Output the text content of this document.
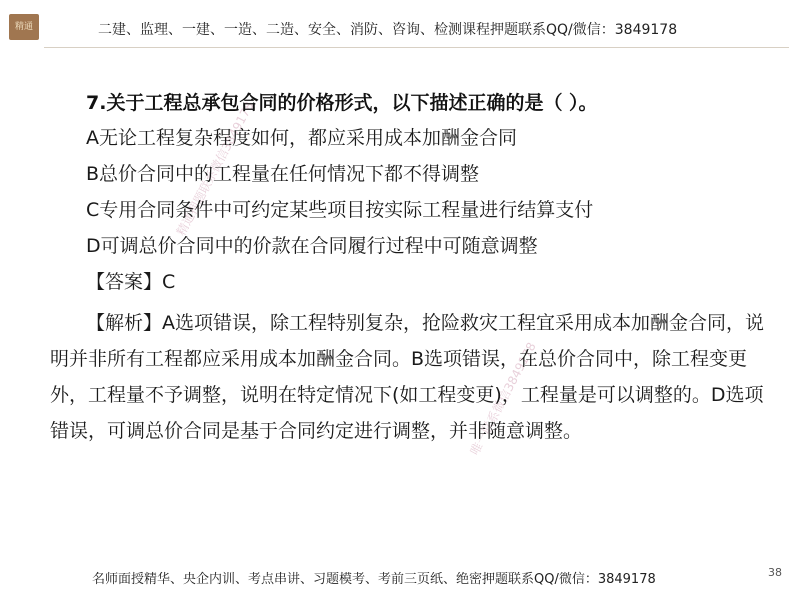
精通	二建、监理、一建、一造、二造、安全、消防、咨询、检测课程押题联系QQ/微信：3849178
精通押题联系微信3849178
唯一联系微信3849178
7.关于工程总承包合同的价格形式，以下描述正确的是（ ）。
A无论工程复杂程度如何，都应采用成本加酬金合同
B总价合同中的工程量在任何情况下都不得调整
C专用合同条件中可约定某些项目按实际工程量进行结算支付
D可调总价合同中的价款在合同履行过程中可随意调整
【答案】C

【解析】A选项错误，除工程特别复杂，抢险救灾工程宜采用成本加酬金合同，说明并非所有工程都应采用成本加酬金合同。B选项错误，在总价合同中，除工程变更外，工程量不予调整，说明在特定情况下(如工程变更)，工程量是可以调整的。D选项错误，可调总价合同是基于合同约定进行调整，并非随意调整。

名师面授精华、央企内训、考点串讲、习题模考、考前三页纸、绝密押题联系QQ/微信：3849178	38
